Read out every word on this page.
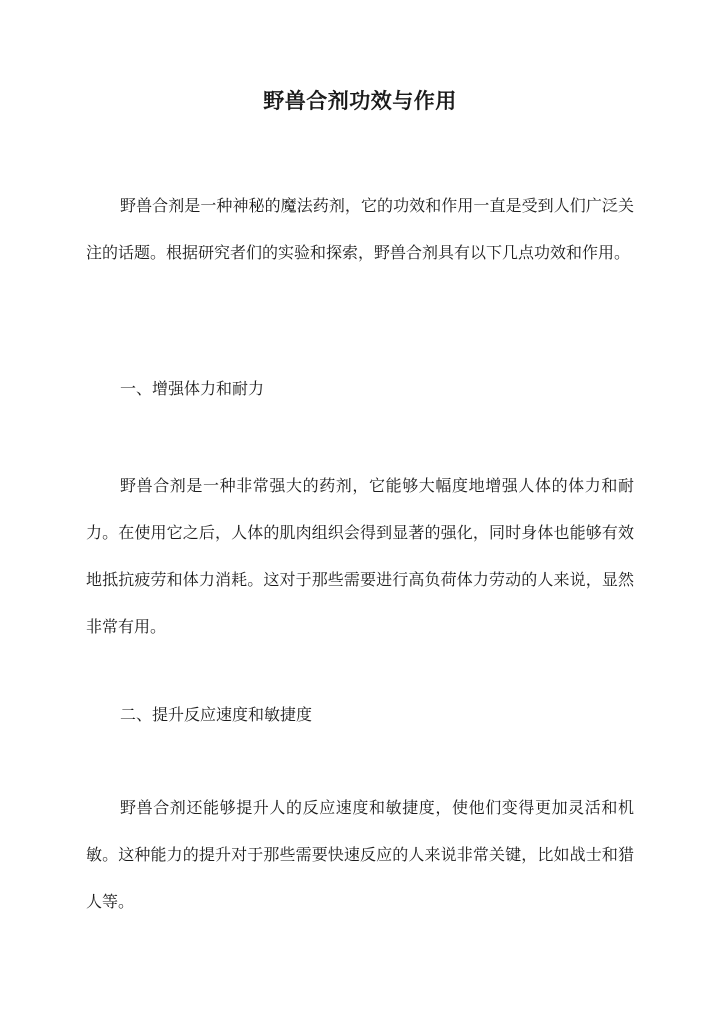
野兽合剂功效与作用

野兽合剂是一种神秘的魔法药剂，它的功效和作用一直是受到人们广泛关注的话题。根据研究者们的实验和探索，野兽合剂具有以下几点功效和作用。

一、增强体力和耐力

野兽合剂是一种非常强大的药剂，它能够大幅度地增强人体的体力和耐力。在使用它之后，人体的肌肉组织会得到显著的强化，同时身体也能够有效地抵抗疲劳和体力消耗。这对于那些需要进行高负荷体力劳动的人来说，显然非常有用。

二、提升反应速度和敏捷度

野兽合剂还能够提升人的反应速度和敏捷度，使他们变得更加灵活和机敏。这种能力的提升对于那些需要快速反应的人来说非常关键，比如战士和猎人等。
